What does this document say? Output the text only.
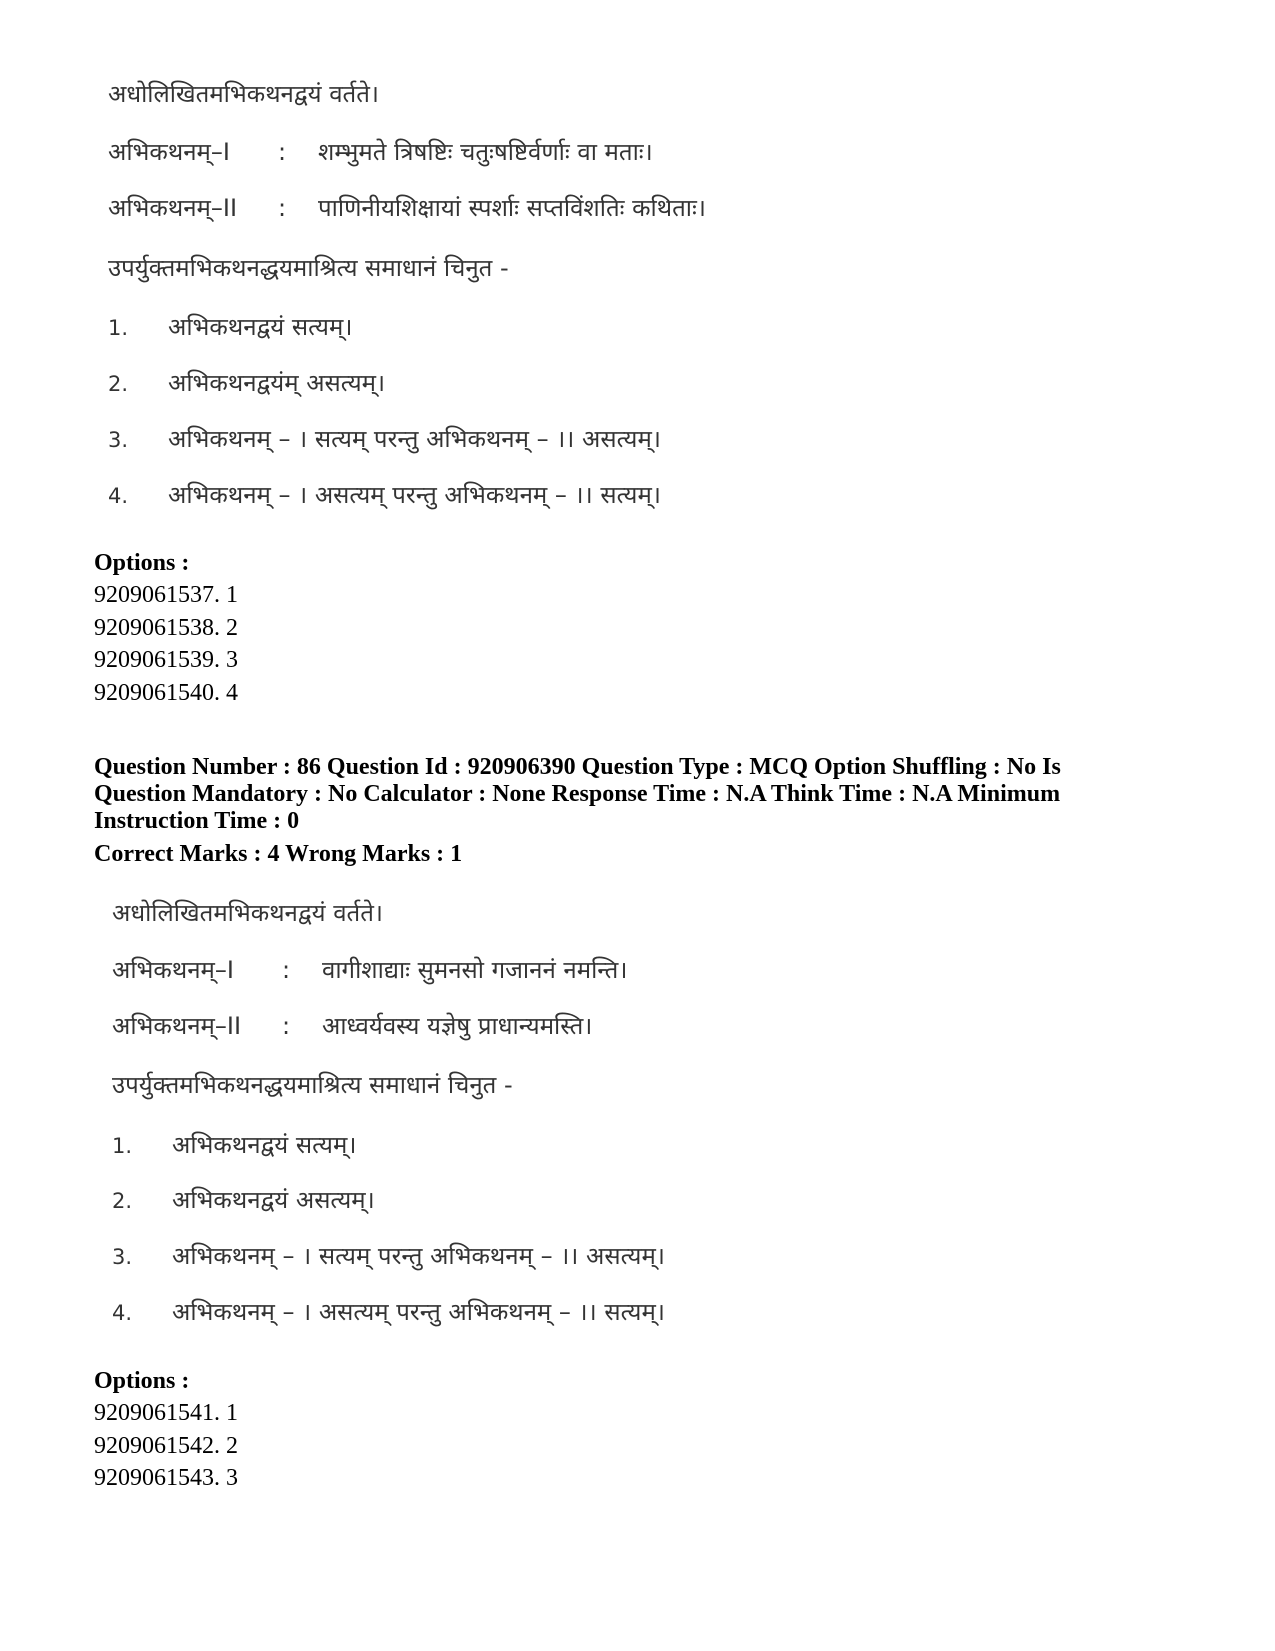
अधोलिखितमभिकथनद्वयं वर्तते।
अभिकथनम्–I : शम्भुमते त्रिषष्टिः चतुःषष्टिर्वर्णाः वा मताः।
अभिकथनम्–II : पाणिनीयशिक्षायां स्पर्शाः सप्तविंशतिः कथिताः।
उपर्युक्तमभिकथनद्धयमाश्रित्य समाधानं चिनुत -
1. अभिकथनद्वयं सत्यम्।
2. अभिकथनद्वयंम् असत्यम्।
3. अभिकथनम् – । सत्यम् परन्तु अभिकथनम् – ।। असत्यम्।
4. अभिकथनम् – । असत्यम् परन्तु अभिकथनम् – ।। सत्यम्।
Options :
9209061537. 1
9209061538. 2
9209061539. 3
9209061540. 4
Question Number : 86 Question Id : 920906390 Question Type : MCQ Option Shuffling : No Is
Question Mandatory : No Calculator : None Response Time : N.A Think Time : N.A Minimum
Instruction Time : 0
Correct Marks : 4 Wrong Marks : 1
अधोलिखितमभिकथनद्वयं वर्तते।
अभिकथनम्–I : वागीशाद्याः सुमनसो गजाननं नमन्ति।
अभिकथनम्–II : आध्वर्यवस्य यज्ञेषु प्राधान्यमस्ति।
उपर्युक्तमभिकथनद्धयमाश्रित्य समाधानं चिनुत -
1. अभिकथनद्वयं सत्यम्।
2. अभिकथनद्वयं असत्यम्।
3. अभिकथनम् – । सत्यम् परन्तु अभिकथनम् – ।। असत्यम्।
4. अभिकथनम् – । असत्यम् परन्तु अभिकथनम् – ।। सत्यम्।
Options :
9209061541. 1
9209061542. 2
9209061543. 3
